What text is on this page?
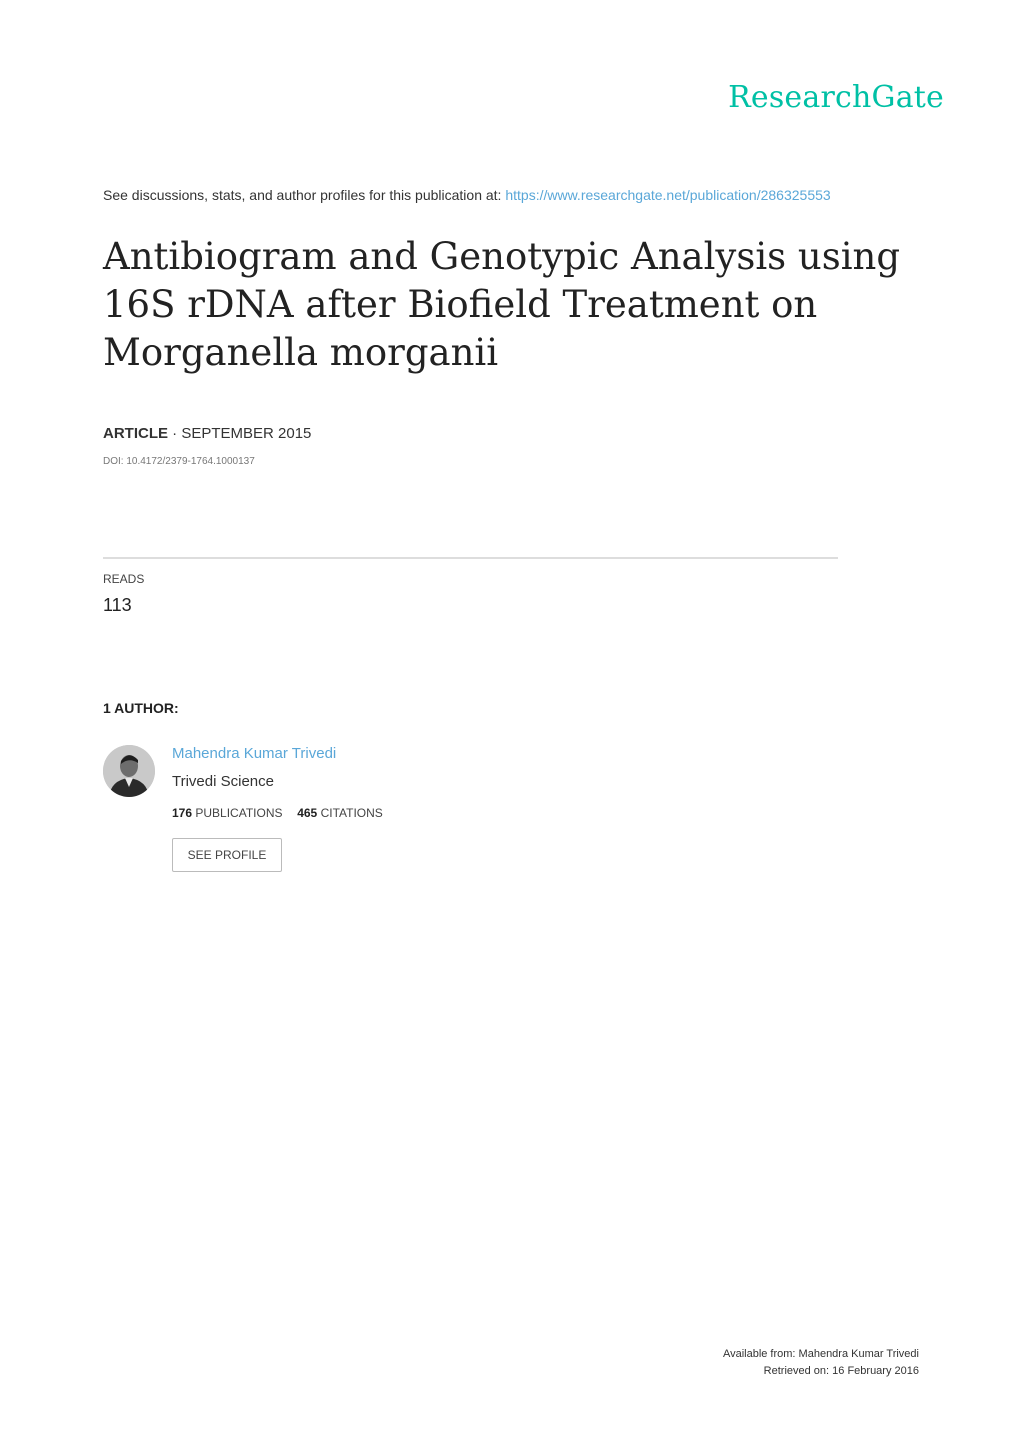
ResearchGate
See discussions, stats, and author profiles for this publication at: https://www.researchgate.net/publication/286325553
Antibiogram and Genotypic Analysis using 16S rDNA after Biofield Treatment on Morganella morganii
ARTICLE · SEPTEMBER 2015
DOI: 10.4172/2379-1764.1000137
READS
113
1 AUTHOR:
Mahendra Kumar Trivedi
Trivedi Science
176 PUBLICATIONS 465 CITATIONS
SEE PROFILE
Available from: Mahendra Kumar Trivedi
Retrieved on: 16 February 2016
